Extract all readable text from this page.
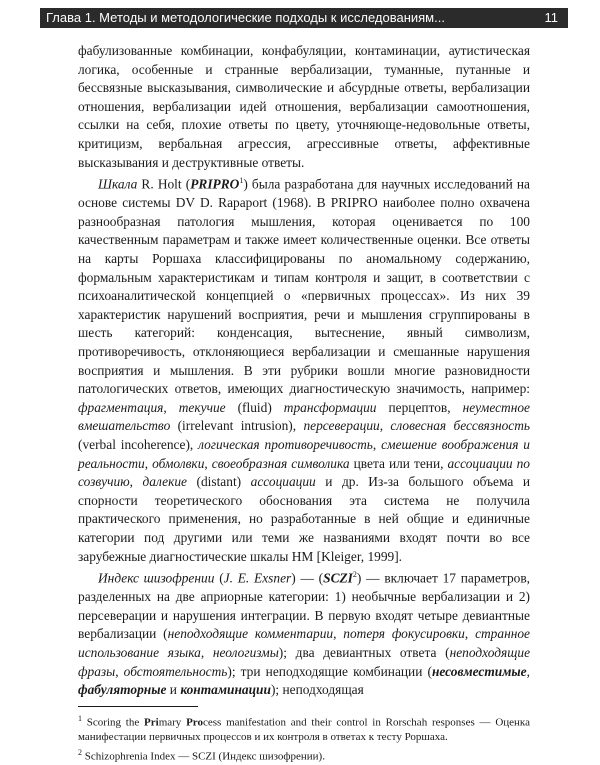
Глава 1. Методы и методологические подходы к исследованиям...	11

фабулизованные комбинации, конфабуляции, контаминации, аутистическая логика, особенные и странные вербализации, туманные, путанные и бессвязные высказывания, символические и абсурдные ответы, вербализации отношения, вербализации идей отношения, вербализации самоотношения, ссылки на себя, плохие ответы по цвету, уточняюще-недовольные ответы, критицизм, вербальная агрессия, агрессивные ответы, аффективные высказывания и деструктивные ответы.

Шкала R. Holt (PRIPRO$^1$) была разработана для научных исследований на основе системы DV D. Rapaport (1968). В PRIPRO наиболее полно охвачена разнообразная патология мышления, которая оценивается по 100 качественным параметрам и также имеет количественные оценки. Все ответы на карты Роршаха классифицированы по аномальному содержанию, формальным характеристикам и типам контроля и защит, в соответствии с психоаналитической концепцией о «первичных процессах». Из них 39 характеристик нарушений восприятия, речи и мышления сгруппированы в шесть категорий: конденсация, вытеснение, явный символизм, противоречивость, отклоняющиеся вербализации и смешанные нарушения восприятия и мышления. В эти рубрики вошли многие разновидности патологических ответов, имеющих диагностическую значимость, например: фрагментация, текучие (fluid) трансформации перцептов, неуместное вмешательство (irrelevant intrusion), персеверации, словесная бессвязность (verbal incoherence), логическая противоречивость, смешение воображения и реальности, обмолвки, своеобразная символика цвета или тени, ассоциации по созвучию, далекие (distant) ассоциации и др. Из-за большого объема и спорности теоретического обоснования эта система не получила практического применения, но разработанные в ней общие и единичные категории под другими или теми же названиями входят почти во все зарубежные диагностические шкалы HM [Kleiger, 1999].

Индекс шизофрении (J. E. Exsner) — (SCZI$^2$) — включает 17 параметров, разделенных на две априорные категории: 1) необычные вербализации и 2) персеверации и нарушения интеграции. В первую входят четыре девиантные вербализации (неподходящие комментарии, потеря фокусировки, странное использование языка, неологизмы); два девиантных ответа (неподходящие фразы, обстоятельность); три неподходящие комбинации (несовместимые, фабуляторные и контаминации); неподходящая

$^1$ Scoring the Primary Process manifestation and their control in Rorschah responses — Оценка манифестации первичных процессов и их контроля в ответах к тесту Роршаха.

$^2$ Schizophrenia Index — SCZI (Индекс шизофрении).
